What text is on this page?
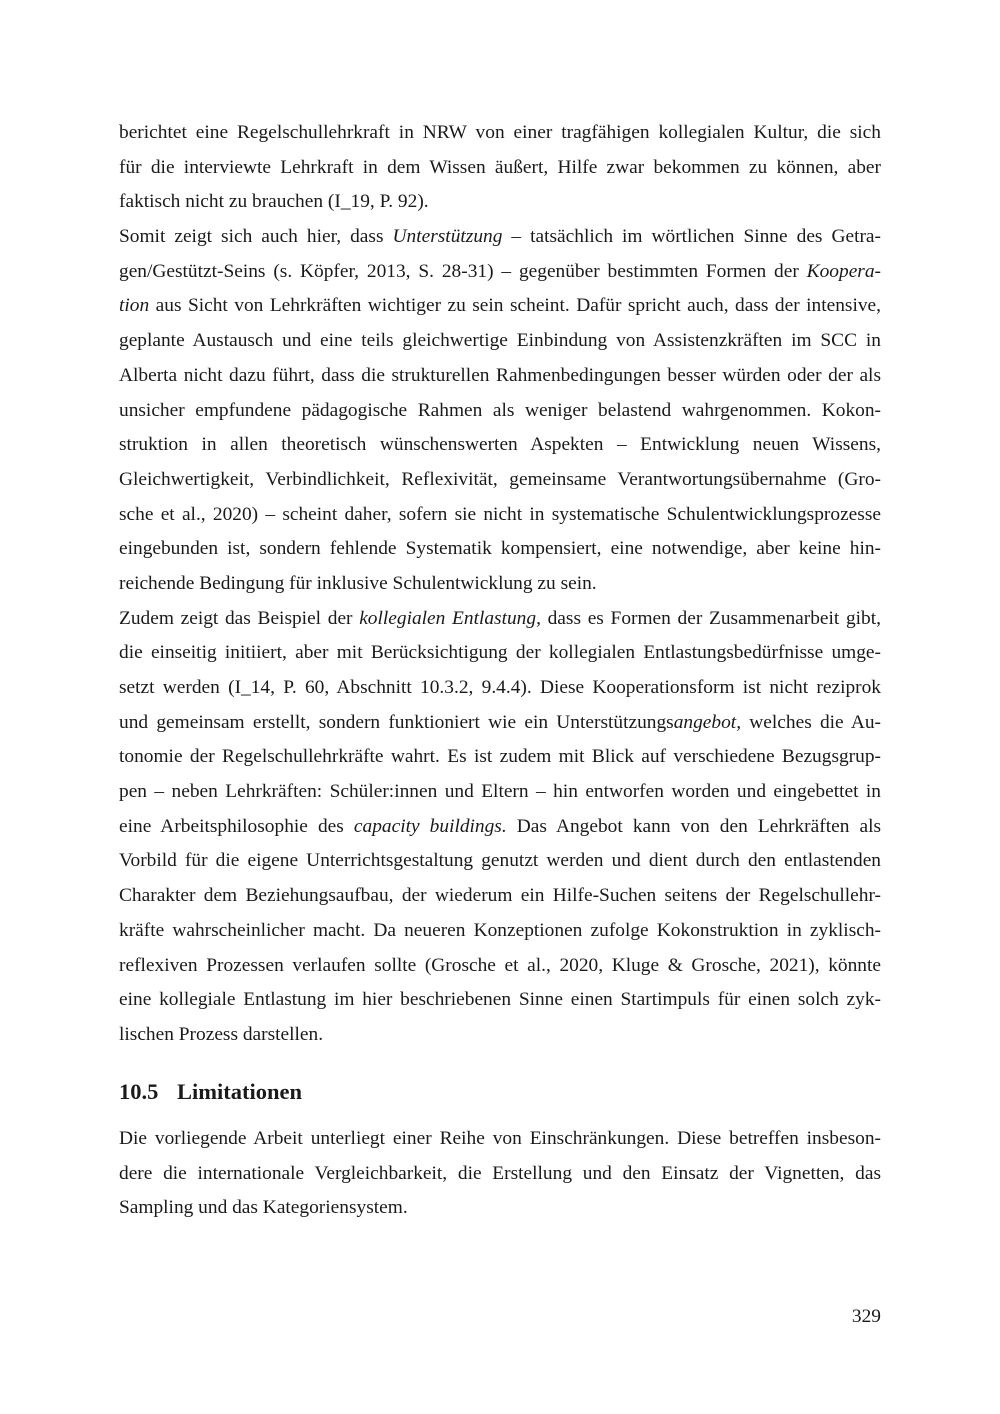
berichtet eine Regelschullehrkraft in NRW von einer tragfähigen kollegialen Kultur, die sich
für die interviewte Lehrkraft in dem Wissen äußert, Hilfe zwar bekommen zu können, aber
faktisch nicht zu brauchen (I_19, P. 92).
Somit zeigt sich auch hier, dass Unterstützung – tatsächlich im wörtlichen Sinne des Getra-
gen/Gestützt-Seins (s. Köpfer, 2013, S. 28-31) – gegenüber bestimmten Formen der Koopera-
tion aus Sicht von Lehrkräften wichtiger zu sein scheint. Dafür spricht auch, dass der intensive,
geplante Austausch und eine teils gleichwertige Einbindung von Assistenzkräften im SCC in
Alberta nicht dazu führt, dass die strukturellen Rahmenbedingungen besser würden oder der als
unsicher empfundene pädagogische Rahmen als weniger belastend wahrgenommen. Kokon-
struktion in allen theoretisch wünschenswerten Aspekten – Entwicklung neuen Wissens,
Gleichwertigkeit, Verbindlichkeit, Reflexivität, gemeinsame Verantwortungsübernahme (Gro-
sche et al., 2020) – scheint daher, sofern sie nicht in systematische Schulentwicklungsprozesse
eingebunden ist, sondern fehlende Systematik kompensiert, eine notwendige, aber keine hin-
reichende Bedingung für inklusive Schulentwicklung zu sein.
Zudem zeigt das Beispiel der kollegialen Entlastung, dass es Formen der Zusammenarbeit gibt,
die einseitig initiiert, aber mit Berücksichtigung der kollegialen Entlastungsbedürfnisse umge-
setzt werden (I_14, P. 60, Abschnitt 10.3.2, 9.4.4). Diese Kooperationsform ist nicht reziprok
und gemeinsam erstellt, sondern funktioniert wie ein Unterstützungsangebot, welches die Au-
tonomie der Regelschullehrkräfte wahrt. Es ist zudem mit Blick auf verschiedene Bezugsgrup-
pen – neben Lehrkräften: Schüler:innen und Eltern – hin entworfen worden und eingebettet in
eine Arbeitsphilosophie des capacity buildings. Das Angebot kann von den Lehrkräften als
Vorbild für die eigene Unterrichtsgestaltung genutzt werden und dient durch den entlastenden
Charakter dem Beziehungsaufbau, der wiederum ein Hilfe-Suchen seitens der Regelschullehr-
kräfte wahrscheinlicher macht. Da neueren Konzeptionen zufolge Kokonstruktion in zyklisch-
reflexiven Prozessen verlaufen sollte (Grosche et al., 2020, Kluge & Grosche, 2021), könnte
eine kollegiale Entlastung im hier beschriebenen Sinne einen Startimpuls für einen solch zyk-
lischen Prozess darstellen.
10.5 Limitationen
Die vorliegende Arbeit unterliegt einer Reihe von Einschränkungen. Diese betreffen insbeson-
dere die internationale Vergleichbarkeit, die Erstellung und den Einsatz der Vignetten, das
Sampling und das Kategoriensystem.
329
